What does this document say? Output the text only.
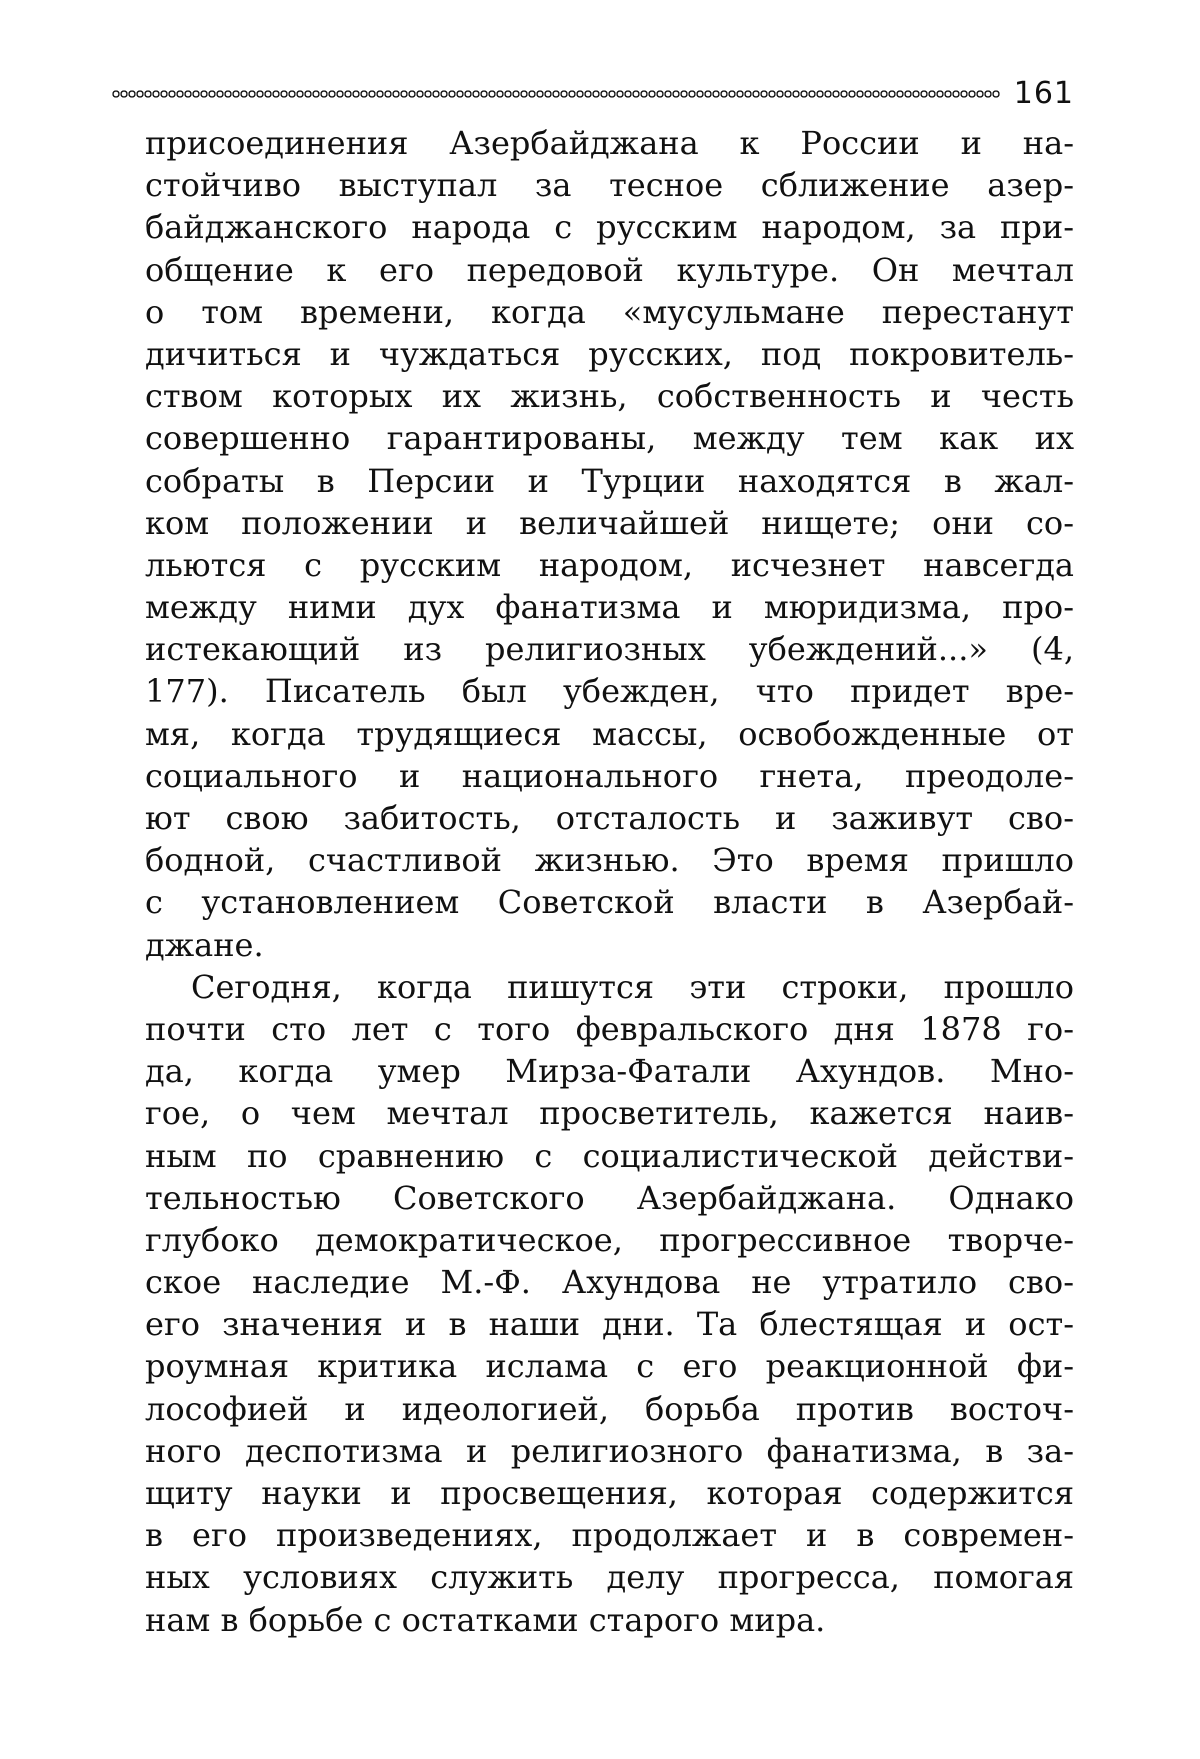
161
присоединения Азербайджана к России и на-
стойчиво выступал за тесное сближение азер-
байджанского народа с русским народом, за при-
общение к его передовой культуре. Он мечтал
о том времени, когда «мусульмане перестанут
дичиться и чуждаться русских, под покровитель-
ством которых их жизнь, собственность и честь
совершенно гарантированы, между тем как их
собраты в Персии и Турции находятся в жал-
ком положении и величайшей нищете; они со-
льются с русским народом, исчезнет навсегда
между ними дух фанатизма и мюридизма, про-
истекающий из религиозных убеждений...» (4,
177). Писатель был убежден, что придет вре-
мя, когда трудящиеся массы, освобожденные от
социального и национального гнета, преодоле-
ют свою забитость, отсталость и заживут сво-
бодной, счастливой жизнью. Это время пришло
с установлением Советской власти в Азербай-
джане.
Сегодня, когда пишутся эти строки, прошло
почти сто лет с того февральского дня 1878 го-
да, когда умер Мирза-Фатали Ахундов. Мно-
гое, о чем мечтал просветитель, кажется наив-
ным по сравнению с социалистической действи-
тельностью Советского Азербайджана. Однако
глубоко демократическое, прогрессивное творче-
ское наследие М.-Ф. Ахундова не утратило сво-
его значения и в наши дни. Та блестящая и ост-
роумная критика ислама с его реакционной фи-
лософией и идеологией, борьба против восточ-
ного деспотизма и религиозного фанатизма, в за-
щиту науки и просвещения, которая содержится
в его произведениях, продолжает и в современ-
ных условиях служить делу прогресса, помогая
нам в борьбе с остатками старого мира.
